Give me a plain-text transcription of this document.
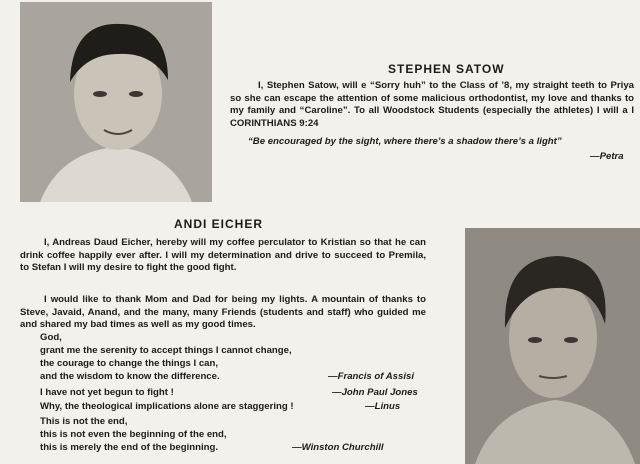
STEPHEN SATOW

I, Stephen Satow, will e “Sorry huh” to the Class of ’8, my straight teeth to Priya so she can escape the attention of some malicious orthodontist, my love and thanks to my family and “Caroline”. To all Woodstock Students (especially the athletes) I will a I CORINTHIANS 9:24

“Be encouraged by the sight, where there’s a shadow there’s a light”

—Petra

ANDI EICHER

I, Andreas Daud Eicher, hereby will my coffee perculator to Kristian so that he can drink coffee happily ever after. I will my determination and drive to succeed to Premila, to Stefan I will my desire to fight the good fight.

I would like to thank Mom and Dad for being my lights. A mountain of thanks to Steve, Javaid, Anand, and the many, many Friends (students and staff) who guided me and shared my bad times as well as my good times.

God,

grant me the serenity to accept things I cannot change,

the courage to change the things I can,

and the wisdom to know the difference.	—Francis of Assisi

I have not yet begun to fight !	—John Paul Jones

Why, the theological implications alone are staggering !	—Linus

This is not the end,

this is not even the beginning of the end,

this is merely the end of the beginning.	—Winston Churchill
